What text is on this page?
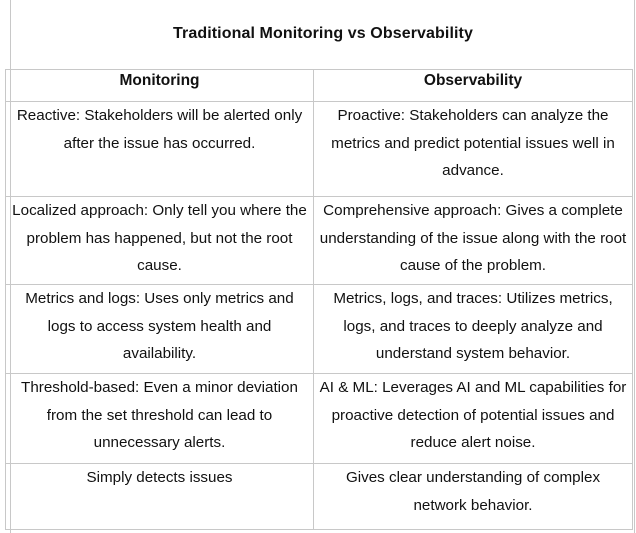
Traditional Monitoring vs Observability
Monitoring	Observability
Reactive: Stakeholders will be alerted only after the issue has occurred.	Proactive: Stakeholders can analyze the metrics and predict potential issues well in advance.
Localized approach: Only tell you where the problem has happened, but not the root cause.	Comprehensive approach: Gives a complete understanding of the issue along with the root cause of the problem.
Metrics and logs: Uses only metrics and logs to access system health and availability.	Metrics, logs, and traces: Utilizes metrics, logs, and traces to deeply analyze and understand system behavior.
Threshold-based: Even a minor deviation from the set threshold can lead to unnecessary alerts.	AI & ML: Leverages AI and ML capabilities for proactive detection of potential issues and reduce alert noise.
Simply detects issues	Gives clear understanding of complex network behavior.
